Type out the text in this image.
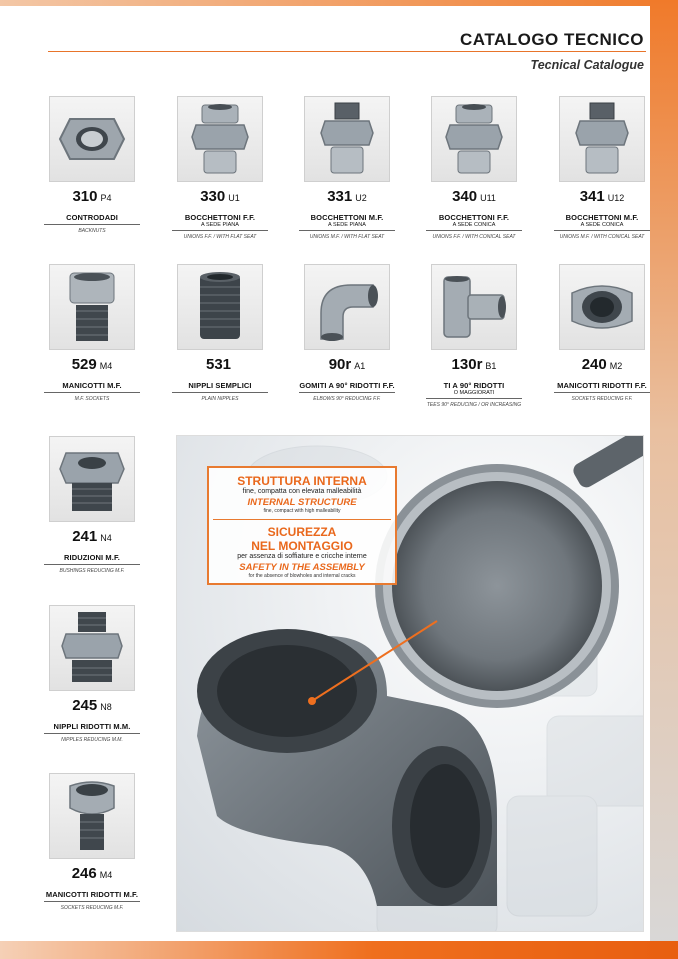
CATALOGO TECNICO
Tecnical Catalogue
310 P4
CONTRODADI
BACKNUTS
330 U1
BOCCHETTONI F.F.
A SEDE PIANA
UNIONS F.F. / WITH FLAT SEAT
331 U2
BOCCHETTONI M.F.
A SEDE PIANA
UNIONS M.F. / WITH FLAT SEAT
340 U11
BOCCHETTONI F.F.
A SEDE CONICA
UNIONS F.F. / WITH CONICAL SEAT
341 U12
BOCCHETTONI M.F.
A SEDE CONICA
UNIONS M.F. / WITH CONICAL SEAT
529 M4
MANICOTTI M.F.
M.F. SOCKETS
531
NIPPLI SEMPLICI
PLAIN NIPPLES
90r A1
GOMITI A 90° RIDOTTI F.F.
ELBOWS 90° REDUCING F.F.
130r B1
TI A 90° RIDOTTI
O MAGGIORATI
TEES 90° REDUCING / OR INCREASING
240 M2
MANICOTTI RIDOTTI F.F.
SOCKETS REDUCING F.F.
241 N4
RIDUZIONI M.F.
BUSHINGS REDUCING M.F.
245 N8
NIPPLI RIDOTTI M.M.
NIPPLES REDUCING M.M.
246 M4
MANICOTTI RIDOTTI M.F.
SOCKETS REDUCING M.F.
STRUTTURA INTERNA
fine, compatta con elevata malleabilità
INTERNAL STRUCTURE
fine, compact with high malleability
SICUREZZA
NEL MONTAGGIO
per assenza di soffiature e cricche interne
SAFETY IN THE ASSEMBLY
for the absence of blowholes and internal cracks
